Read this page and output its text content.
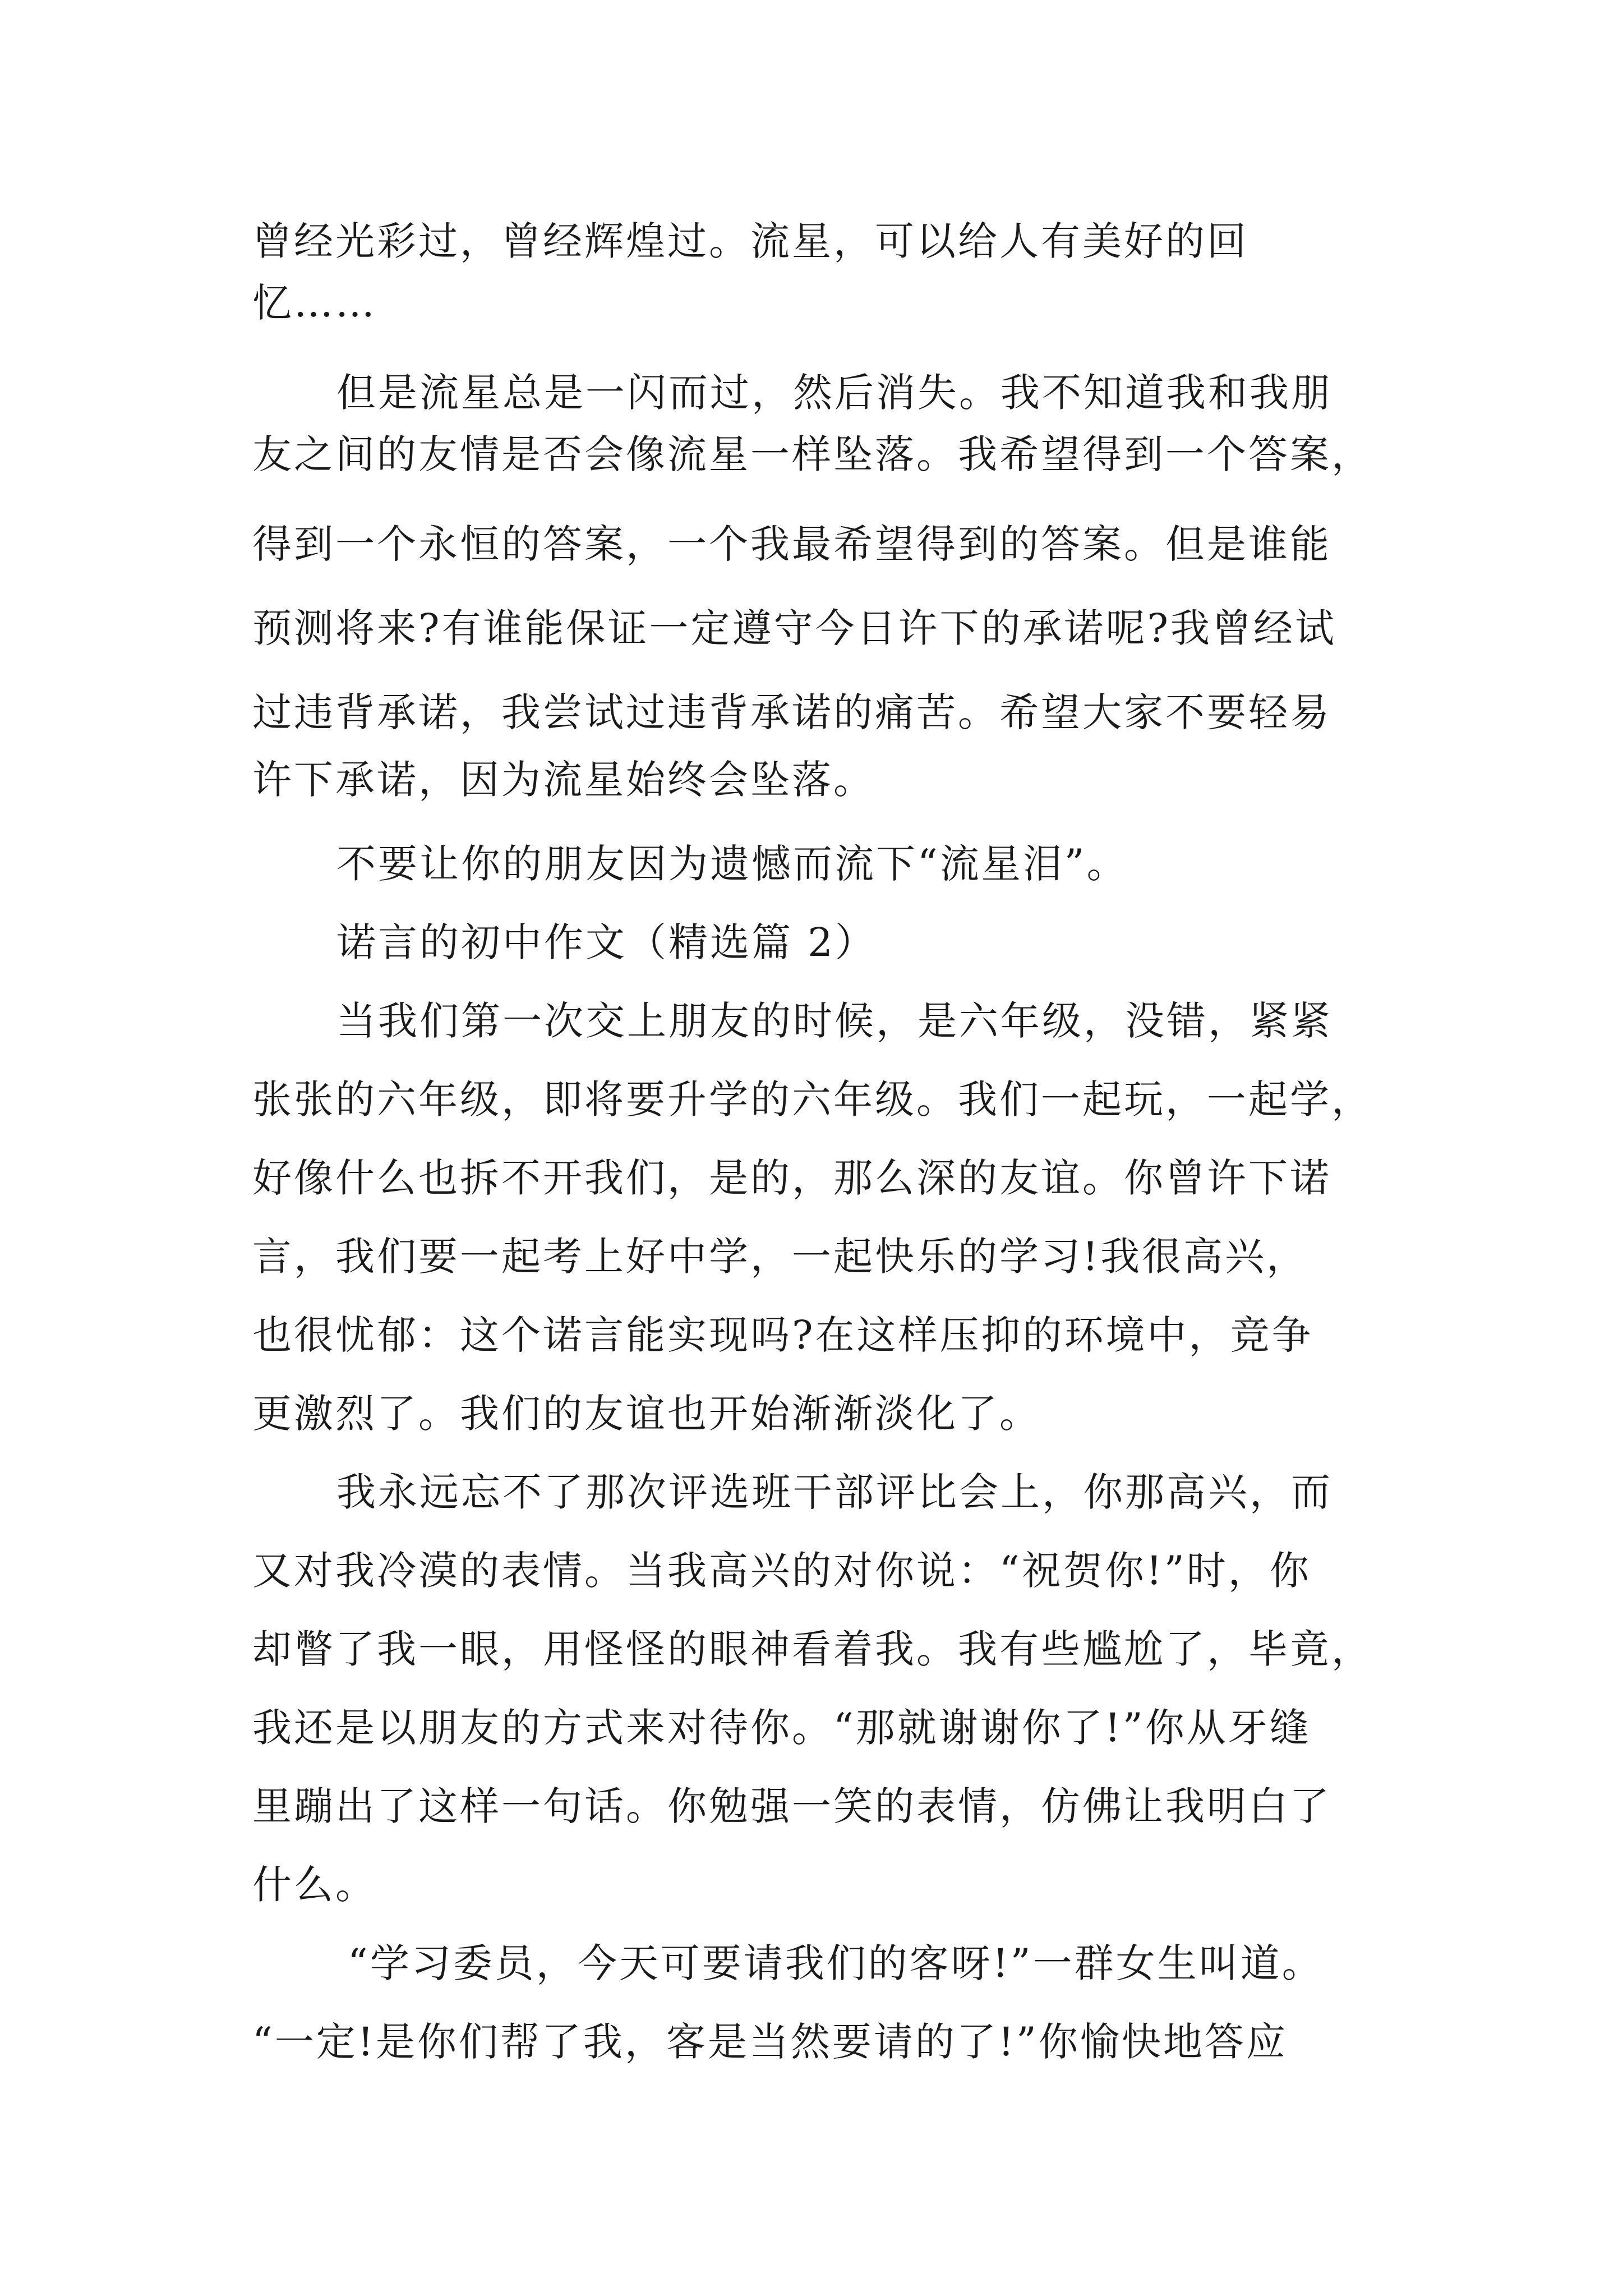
曾经光彩过，曾经辉煌过。流星，可以给人有美好的回
忆……
但是流星总是一闪而过，然后消失。我不知道我和我朋
友之间的友情是否会像流星一样坠落。我希望得到一个答案，
得到一个永恒的答案，一个我最希望得到的答案。但是谁能
预测将来?有谁能保证一定遵守今日许下的承诺呢?我曾经试
过违背承诺，我尝试过违背承诺的痛苦。希望大家不要轻易
许下承诺，因为流星始终会坠落。
不要让你的朋友因为遗憾而流下“流星泪”。
诺言的初中作文（精选篇 2）
当我们第一次交上朋友的时候，是六年级，没错，紧紧
张张的六年级，即将要升学的六年级。我们一起玩，一起学，
好像什么也拆不开我们，是的，那么深的友谊。你曾许下诺
言，我们要一起考上好中学，一起快乐的学习!我很高兴，
也很忧郁：这个诺言能实现吗?在这样压抑的环境中，竞争
更激烈了。我们的友谊也开始渐渐淡化了。
我永远忘不了那次评选班干部评比会上，你那高兴，而
又对我冷漠的表情。当我高兴的对你说：“祝贺你!”时，你
却瞥了我一眼，用怪怪的眼神看着我。我有些尴尬了，毕竟，
我还是以朋友的方式来对待你。“那就谢谢你了!”你从牙缝
里蹦出了这样一句话。你勉强一笑的表情，仿佛让我明白了
什么。
“学习委员，今天可要请我们的客呀!”一群女生叫道。
“一定!是你们帮了我，客是当然要请的了!”你愉快地答应
